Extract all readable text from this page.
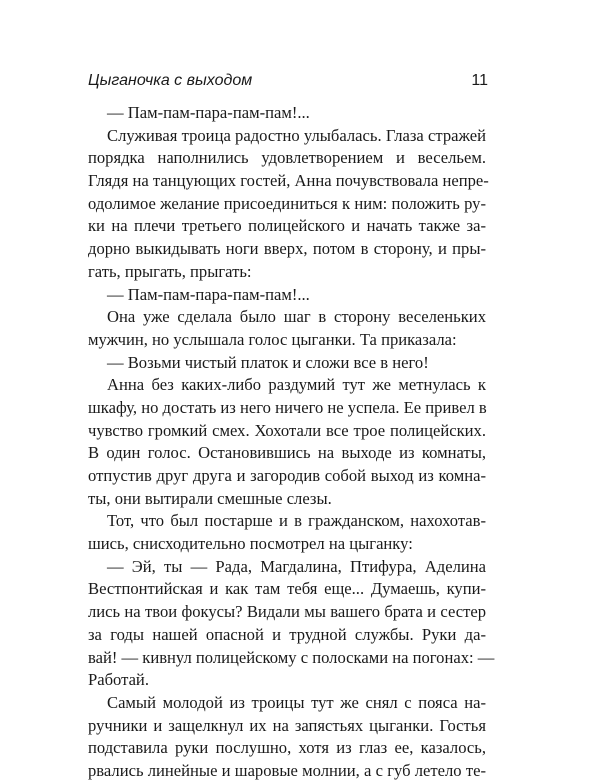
Цыганочка с выходом	11
— Пам-пам-пара-пам-пам!...
Служивая троица радостно улыбалась. Глаза стражей
порядка наполнились удовлетворением и весельем.
Глядя на танцующих гостей, Анна почувствовала непре-
одолимое желание присоединиться к ним: положить ру-
ки на плечи третьего полицейского и начать также за-
дорно выкидывать ноги вверх, потом в сторону, и пры-
гать, прыгать, прыгать:
— Пам-пам-пара-пам-пам!...
Она уже сделала было шаг в сторону веселеньких
мужчин, но услышала голос цыганки. Та приказала:
— Возьми чистый платок и сложи все в него!
Анна без каких-либо раздумий тут же метнулась к
шкафу, но достать из него ничего не успела. Ее привел в
чувство громкий смех. Хохотали все трое полицейских.
В один голос. Остановившись на выходе из комнаты,
отпустив друг друга и загородив собой выход из комна-
ты, они вытирали смешные слезы.
Тот, что был постарше и в гражданском, нахохотав-
шись, снисходительно посмотрел на цыганку:
— Эй, ты — Рада, Магдалина, Птифура, Аделина
Вестпонтийская и как там тебя еще... Думаешь, купи-
лись на твои фокусы? Видали мы вашего брата и сестер
за годы нашей опасной и трудной службы. Руки да-
вай! — кивнул полицейскому с полосками на погонах: —
Работай.
Самый молодой из троицы тут же снял с пояса на-
ручники и защелкнул их на запястьях цыганки. Гостья
подставила руки послушно, хотя из глаз ее, казалось,
рвались линейные и шаровые молнии, а с губ летело те-
